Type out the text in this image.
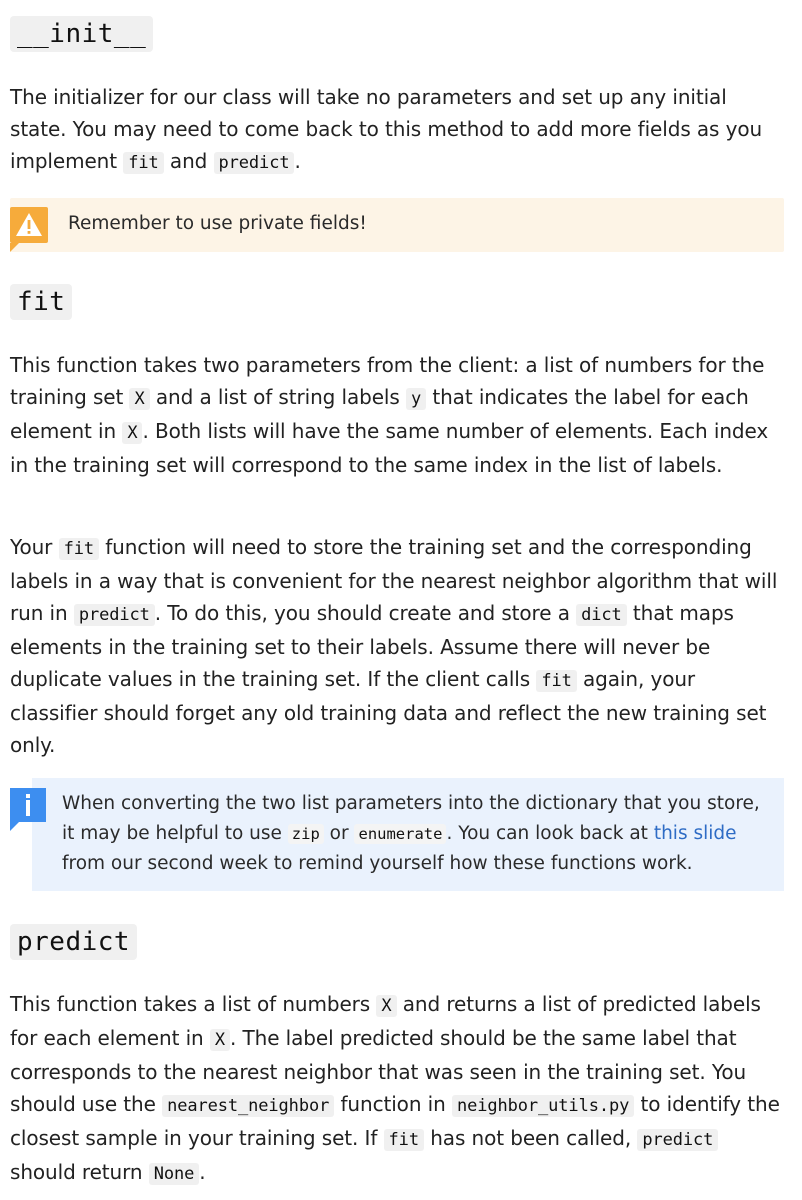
__init__

The initializer for our class will take no parameters and set up any initial state. You may need to come back to this method to add more fields as you implement fit and predict .

Remember to use private fields!
fit

This function takes two parameters from the client: a list of numbers for the training set X and a list of string labels y that indicates the label for each element in X . Both lists will have the same number of elements. Each index in the training set will correspond to the same index in the list of labels.

Your fit function will need to store the training set and the corresponding labels in a way that is convenient for the nearest neighbor algorithm that will run in predict . To do this, you should create and store a dict that maps elements in the training set to their labels. Assume there will never be duplicate values in the training set. If the client calls fit again, your classifier should forget any old training data and reflect the new training set only.

When converting the two list parameters into the dictionary that you store, it may be helpful to use zip or enumerate . You can look back at this slide from our second week to remind yourself how these functions work.

predict

This function takes a list of numbers X and returns a list of predicted labels for each element in X . The label predicted should be the same label that corresponds to the nearest neighbor that was seen in the training set. You should use the nearest_neighbor function in neighbor_utils.py to identify the closest sample in your training set. If fit has not been called, predict should return None .
